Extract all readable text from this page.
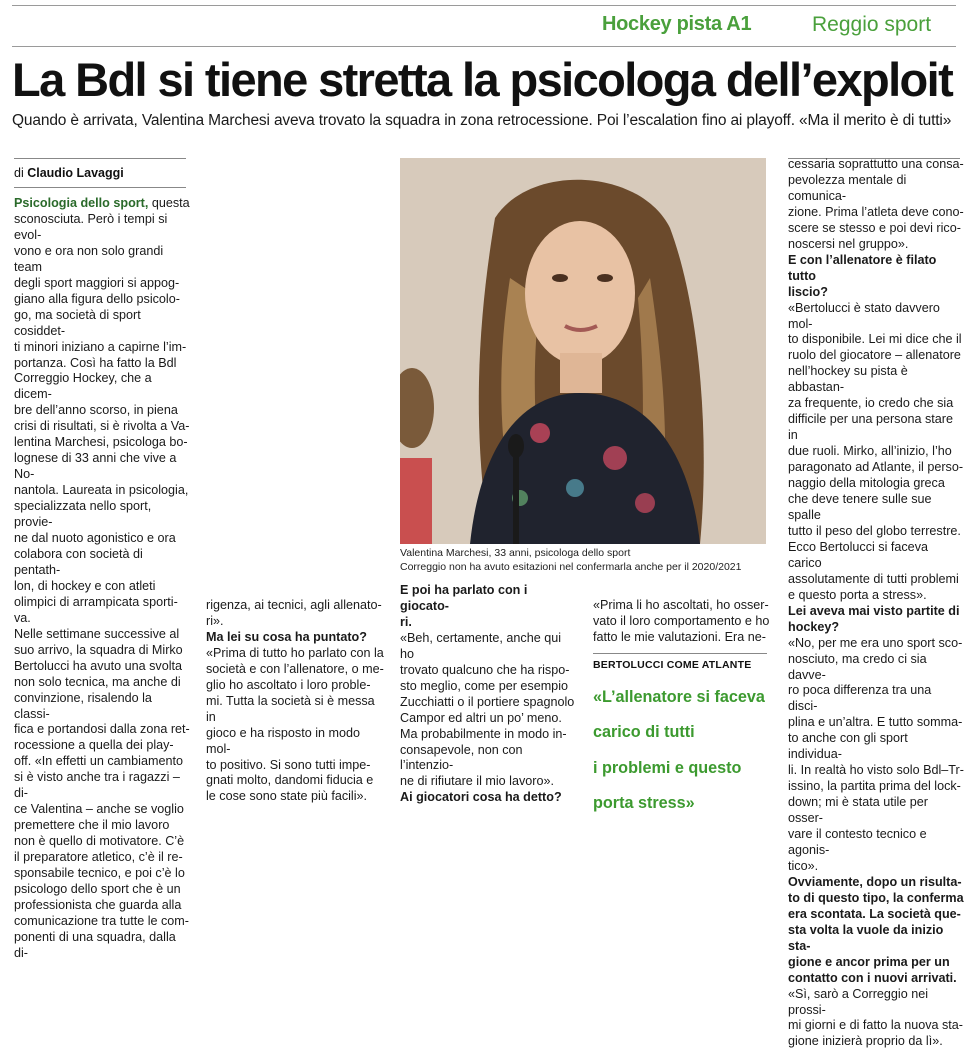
Hockey pista A1	Reggio sport
La Bdl si tiene stretta la psicologa dell’exploit
Quando è arrivata, Valentina Marchesi aveva trovato la squadra in zona retrocessione. Poi l’escalation fino ai playoff. «Ma il merito è di tutti»
di Claudio Lavaggi

Psicologia dello sport, questa

sconosciuta. Però i tempi si evol-

vono e ora non solo grandi team

degli sport maggiori si appog-

giano alla figura dello psicolo-

go, ma società di sport cosiddet-

ti minori iniziano a capirne l’im-

portanza. Così ha fatto la Bdl

Correggio Hockey, che a dicem-

bre dell’anno scorso, in piena

crisi di risultati, si è rivolta a Va-

lentina Marchesi, psicologa bo-

lognese di 33 anni che vive a No-

nantola. Laureata in psicologia,

specializzata nello sport, provie-

ne dal nuoto agonistico e ora

colabora con società di pentath-

lon, di hockey e con atleti

olimpici di arrampicata sporti-

va.

Nelle settimane successive al

suo arrivo, la squadra di Mirko

Bertolucci ha avuto una svolta

non solo tecnica, ma anche di

convinzione, risalendo la classi-

fica e portandosi dalla zona ret-

rocessione a quella dei play-

off. «In effetti un cambiamento

si è visto anche tra i ragazzi – di-

ce Valentina – anche se voglio

premettere che il mio lavoro

non è quello di motivatore. C’è

il preparatore atletico, c’è il re-

sponsabile tecnico, e poi c’è lo

psicologo dello sport che è un

professionista che guarda alla

comunicazione tra tutte le com-

ponenti di una squadra, dalla di-

rigenza, ai tecnici, agli allenato-

ri».

Ma lei su cosa ha puntato?

«Prima di tutto ho parlato con la

società e con l’allenatore, o me-

glio ho ascoltato i loro proble-

mi. Tutta la società si è messa in

gioco e ha risposto in modo mol-

to positivo. Si sono tutti impe-

gnati molto, dandomi fiducia e

le cose sono state più facili».

E poi ha parlato con i giocato-

ri.

«Beh, certamente, anche qui ho

trovato qualcuno che ha rispo-

sto meglio, come per esempio

Zucchiatti o il portiere spagnolo

Campor ed altri un po’ meno.

Ma probabilmente in modo in-

consapevole, non con l’intenzio-

ne di rifiutare il mio lavoro».

Ai giocatori cosa ha detto?

«Prima li ho ascoltati, ho osser-

vato il loro comportamento e ho

fatto le mie valutazioni. Era ne-

BERTOLUCCI COME ATLANTE

«L’allenatore si faceva

carico di tutti

i problemi e questo

porta stress»

cessaria soprattutto una consa-

pevolezza mentale di comunica-

zione. Prima l’atleta deve cono-

scere se stesso e poi devi rico-

noscersi nel gruppo».

E con l’allenatore è filato tutto

liscio?

«Bertolucci è stato davvero mol-

to disponibile. Lei mi dice che il

ruolo del giocatore – allenatore

nell’hockey su pista è abbastan-

za frequente, io credo che sia

difficile per una persona stare in

due ruoli. Mirko, all’inizio, l’ho

paragonato ad Atlante, il perso-

naggio della mitologia greca

che deve tenere sulle sue spalle

tutto il peso del globo terrestre.

Ecco Bertolucci si faceva carico

assolutamente di tutti problemi

e questo porta a stress».

Lei aveva mai visto partite di

hockey?

«No, per me era uno sport sco-

nosciuto, ma credo ci sia davve-

ro poca differenza tra una disci-

plina e un’altra. E tutto somma-

to anche con gli sport individua-

li. In realtà ho visto solo Bdl–Tr-

issino, la partita prima del lock-

down; mi è stata utile per osser-

vare il contesto tecnico e agonis-

tico».

Ovviamente, dopo un risulta-

to di questo tipo, la conferma

era scontata. La società que-

sta volta la vuole da inizio sta-

gione e ancor prima per un

contatto con i nuovi arrivati.

«Sì, sarò a Correggio nei prossi-

mi giorni e di fatto la nuova sta-

gione inizierà proprio da lì».

Valentina Marchesi, 33 anni, psicologa dello sport
Correggio non ha avuto esitazioni nel confermarla anche per il 2020/2021
